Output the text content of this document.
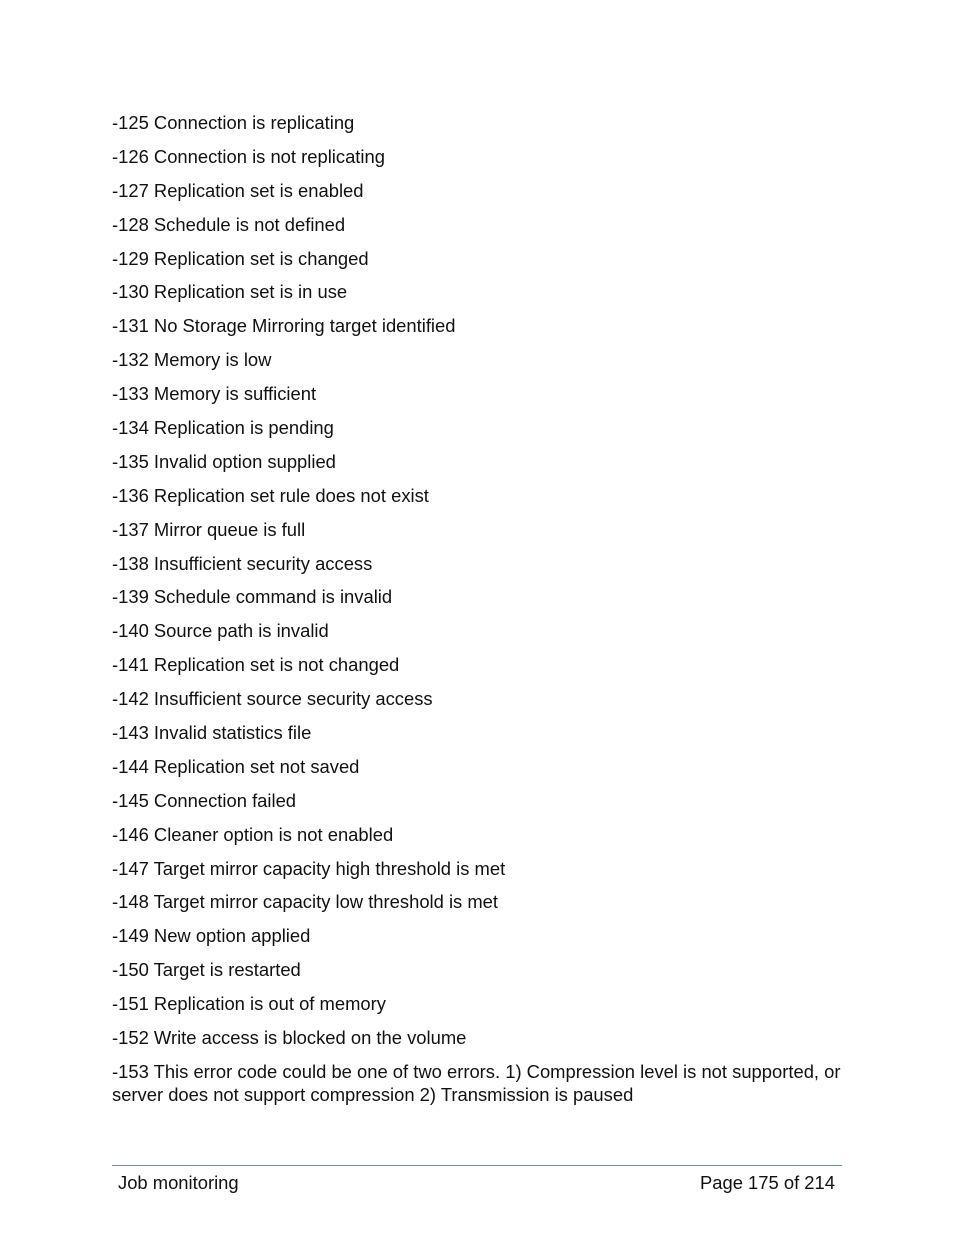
-125 Connection is replicating
-126 Connection is not replicating
-127 Replication set is enabled
-128 Schedule is not defined
-129 Replication set is changed
-130 Replication set is in use
-131 No Storage Mirroring target identified
-132 Memory is low
-133 Memory is sufficient
-134 Replication is pending
-135 Invalid option supplied
-136 Replication set rule does not exist
-137 Mirror queue is full
-138 Insufficient security access
-139 Schedule command is invalid
-140 Source path is invalid
-141 Replication set is not changed
-142 Insufficient source security access
-143 Invalid statistics file
-144 Replication set not saved
-145 Connection failed
-146 Cleaner option is not enabled
-147 Target mirror capacity high threshold is met
-148 Target mirror capacity low threshold is met
-149 New option applied
-150 Target is restarted
-151 Replication is out of memory
-152 Write access is blocked on the volume
-153 This error code could be one of two errors. 1) Compression level is not supported, or server does not support compression 2) Transmission is paused
Job monitoring	Page 175 of 214
